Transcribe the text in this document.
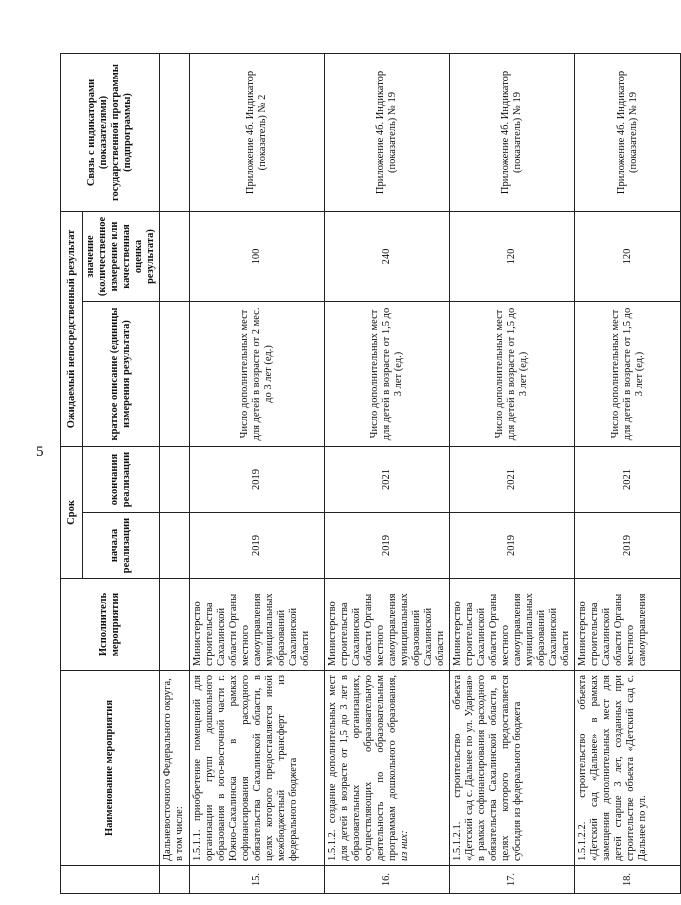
5
	Наименование мероприятия	Исполнитель мероприятия	Срок		Ожидаемый непосредственный результат		Связь с индикаторами (показателями) государственной программы (подпрограммы)
			начала реализации	окончания реализации	краткое описание (единицы измерения результата)	значение (количественное измерение или качественная оценка результата)	

	Дальневосточного Федерального округа, в том числе:						
15.	1.5.1.1. приобретение помещений для организации групп дошкольного образования в юго-восточной части г. Южно-Сахалинска в рамках софинансирования расходного обязательства Сахалинской области, в целях которого предоставляется иной межбюджетный трансферт из федерального бюджета	Министерство строительства Сахалинской области Органы местного самоуправления муниципальных образований Сахалинской области	2019	2019	Число дополнительных мест для детей в возрасте от 2 мес. до 3 лет (ед.)	100	Приложение 4б. Индикатор (показатель) № 2
16.	1.5.1.2. создание дополнительных мест для детей в возрасте от 1,5 до 3 лет в образовательных организациях, осуществляющих образовательную деятельность по образовательным программам дошкольного образования, из них:	Министерство строительства Сахалинской области Органы местного самоуправления муниципальных образований Сахалинской области	2019	2021	Число дополнительных мест для детей в возрасте от 1,5 до 3 лет (ед.)	240	Приложение 4б. Индикатор (показатель) № 19
17.	1.5.1.2.1. строительство объекта «Детский сад с. Дальнее по ул. Ударная» в рамках софинансирования расходного обязательства Сахалинской области, в целях которого предоставляется субсидия из федерального бюджета	Министерство строительства Сахалинской области Органы местного самоуправления муниципальных образований Сахалинской области	2019	2021	Число дополнительных мест для детей в возрасте от 1,5 до 3 лет (ед.)	120	Приложение 4б. Индикатор (показатель) № 19
18.	1.5.1.2.2. строительство объекта «Детский сад «Дальнее» в рамках замещения дополнительных мест для детей старше 3 лет, созданных при строительстве объекта «Детский сад с. Дальнее по ул.	Министерство строительства Сахалинской области Органы местного самоуправления	2019	2021	Число дополнительных мест для детей в возрасте от 1,5 до 3 лет (ед.)	120	Приложение 4б. Индикатор (показатель) № 19
